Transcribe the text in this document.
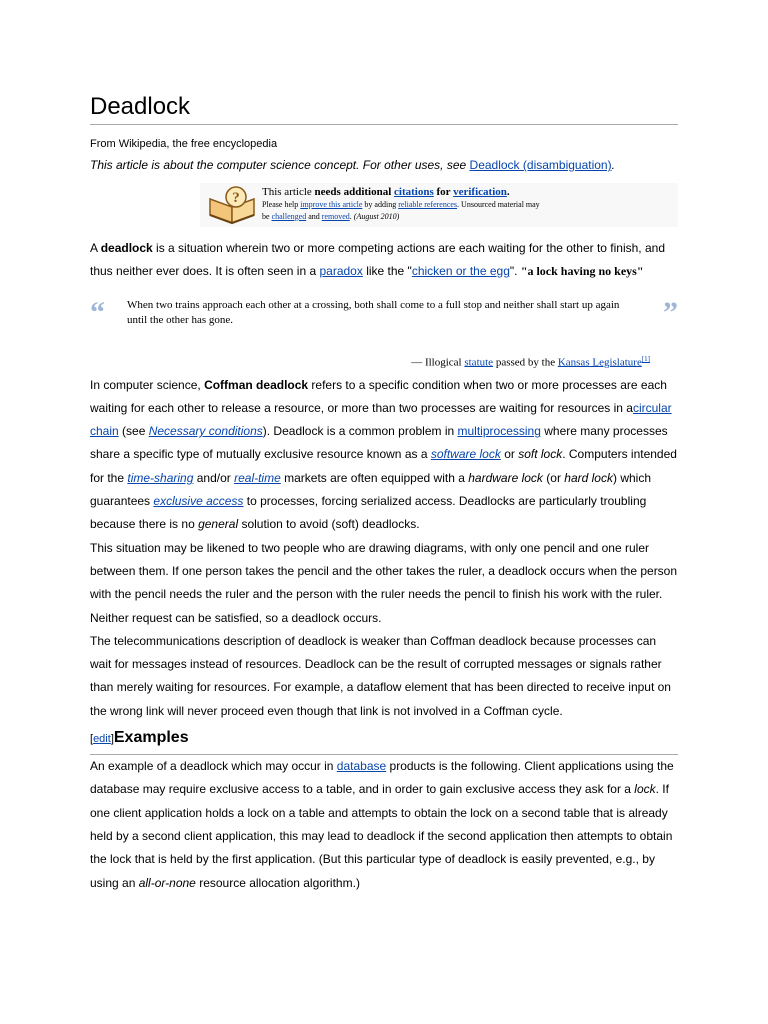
Deadlock
From Wikipedia, the free encyclopedia
This article is about the computer science concept. For other uses, see Deadlock (disambiguation).
? This article needs additional citations for verification.
Please help improve this article by adding reliable references. Unsourced material may
be challenged and removed. (August 2010)

A deadlock is a situation wherein two or more competing actions are each waiting for the other to finish, and thus neither ever does. It is often seen in a paradox like the "chicken or the egg". "a lock having no keys"

“ When two trains approach each other at a crossing, both shall come to a full stop and neither shall start up again until the other has gone.	”
— Illogical statute passed by the Kansas Legislature[1]

In computer science, Coffman deadlock refers to a specific condition when two or more processes are each waiting for each other to release a resource, or more than two processes are waiting for resources in acircular chain (see Necessary conditions). Deadlock is a common problem in multiprocessing where many processes share a specific type of mutually exclusive resource known as a software lock or soft lock. Computers intended for the time-sharing and/or real-time markets are often equipped with a hardware lock (or hard lock) which guarantees exclusive access to processes, forcing serialized access. Deadlocks are particularly troubling because there is no general solution to avoid (soft) deadlocks.

This situation may be likened to two people who are drawing diagrams, with only one pencil and one ruler between them. If one person takes the pencil and the other takes the ruler, a deadlock occurs when the person with the pencil needs the ruler and the person with the ruler needs the pencil to finish his work with the ruler. Neither request can be satisfied, so a deadlock occurs.

The telecommunications description of deadlock is weaker than Coffman deadlock because processes can wait for messages instead of resources. Deadlock can be the result of corrupted messages or signals rather than merely waiting for resources. For example, a dataflow element that has been directed to receive input on the wrong link will never proceed even though that link is not involved in a Coffman cycle.

[edit]Examples

An example of a deadlock which may occur in database products is the following. Client applications using the database may require exclusive access to a table, and in order to gain exclusive access they ask for a lock. If one client application holds a lock on a table and attempts to obtain the lock on a second table that is already held by a second client application, this may lead to deadlock if the second application then attempts to obtain the lock that is held by the first application. (But this particular type of deadlock is easily prevented, e.g., by using an all-or-none resource allocation algorithm.)
